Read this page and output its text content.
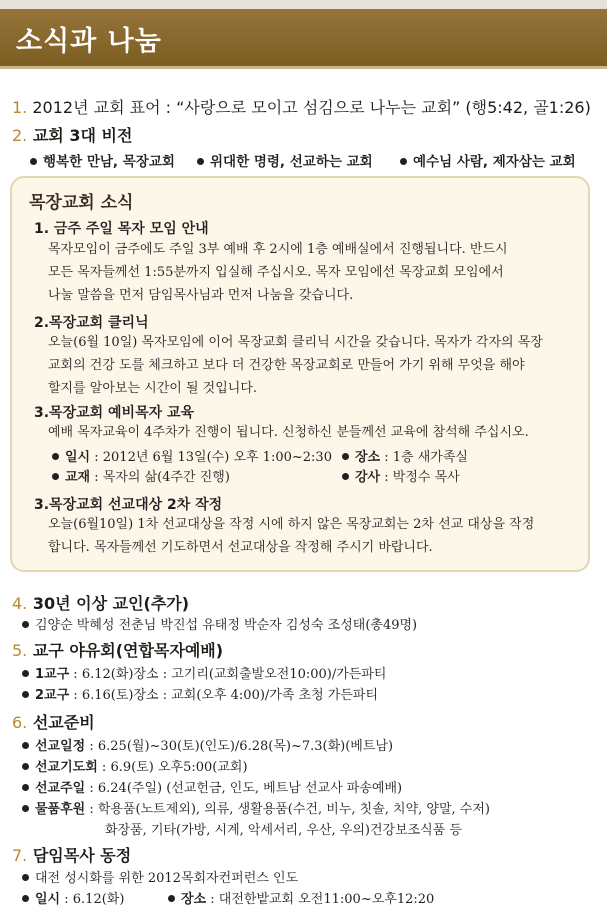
소식과 나눔
1. 2012년 교회 표어 : “사랑으로 모이고 섬김으로 나누는 교회” (행5:42, 골1:26)
2. 교회 3대 비전
행복한 만남, 목장교회	위대한 명령, 선교하는 교회	예수님 사람, 제자삼는 교회
목장교회 소식
1. 금주 주일 목자 모임 안내
목자모임이 금주에도 주일 3부 예배 후 2시에 1층 예배실에서 진행됩니다. 반드시
모든 목자들께선 1:55분까지 입실해 주십시오. 목자 모임에선 목장교회 모임에서
나눌 말씀을 먼저 담임목사님과 먼저 나눔을 갖습니다.
2.목장교회 클리닉
오늘(6월 10일) 목자모임에 이어 목장교회 클리닉 시간을 갖습니다. 목자가 각자의 목장
교회의 건강 도를 체크하고 보다 더 건강한 목장교회로 만들어 가기 위해 무엇을 해야
할지를 알아보는 시간이 될 것입니다.
3.목장교회 예비목자 교육
예배 목자교육이 4주차가 진행이 됩니다. 신청하신 분들께선 교육에 참석해 주십시오.
일시 : 2012년 6월 13일(수) 오후 1:00~2:30	장소 : 1층 새가족실
교재 : 목자의 삶(4주간 진행)	강사 : 박정수 목사
3.목장교회 선교대상 2차 작정
오늘(6월10일) 1차 선교대상을 작정 시에 하지 않은 목장교회는 2차 선교 대상을 작정
합니다. 목자들께선 기도하면서 선교대상을 작정해 주시기 바랍니다.
4. 30년 이상 교인(추가)
김양순 박혜성 전춘님 박진섭 유태정 박순자 김성숙 조성태(총49명)
5. 교구 야유회(연합목자예배)
1교구 : 6.12(화)장소 : 고기리(교회출발오전10:00)/가든파티
2교구 : 6.16(토)장소 : 교회(오후 4:00)/가족 초청 가든파티
6. 선교준비
선교일정 : 6.25(월)~30(토)(인도)/6.28(목)~7.3(화)(베트남)
선교기도회 : 6.9(토) 오후5:00(교회)
선교주일 : 6.24(주일) (선교헌금, 인도, 베트남 선교사 파송예배)
물품후원 : 학용품(노트제외), 의류, 생활용품(수건, 비누, 칫솔, 치약, 양말, 수저)
화장품, 기타(가방, 시계, 악세서리, 우산, 우의)건강보조식품 등
7. 담임목사 동정
대전 성시화를 위한 2012목회자컨퍼런스 인도
일시 : 6.12(화)	장소 : 대전한밭교회 오전11:00~오후12:20
